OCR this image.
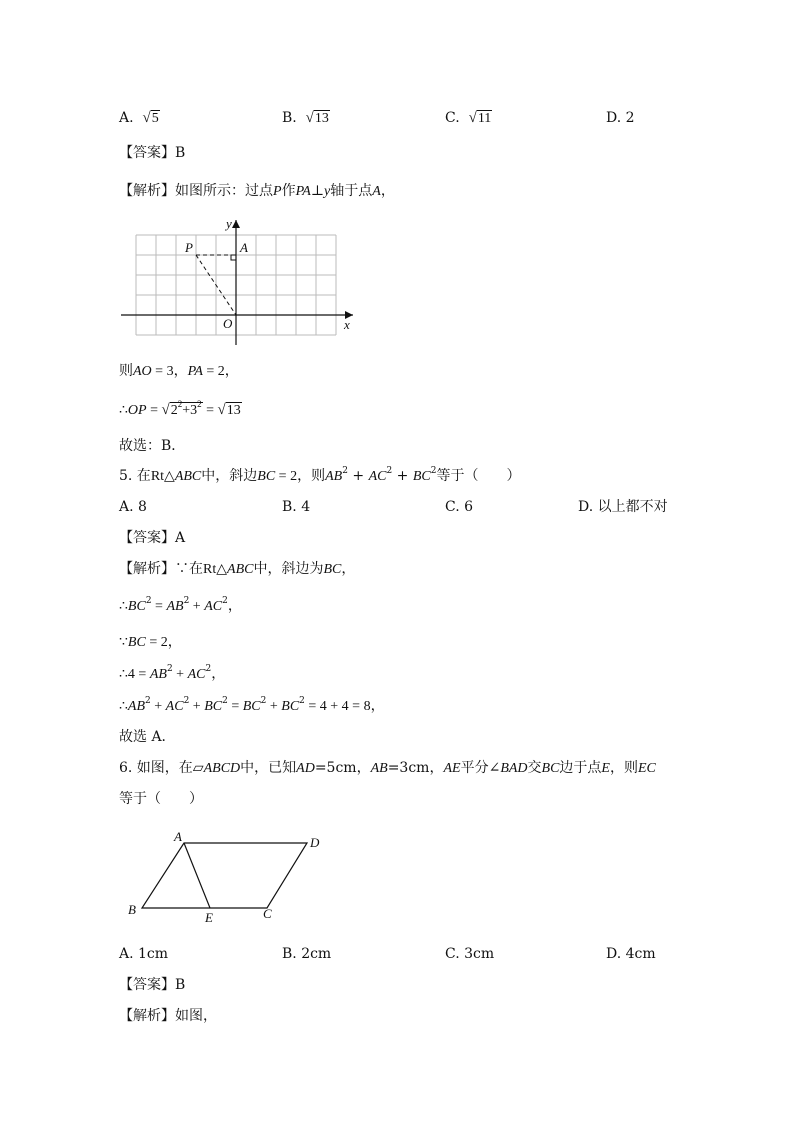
A. √5	B. √13	C. √11	D. 2
【答案】B
【解析】如图所示：过点P作PA⊥y轴于点A，
y
x
P	A
O
则AO = 3，PA = 2，
∴OP = $√2^2+3^2 = √13$
故选：B．
5. 在Rt△ABC中，斜边BC = 2，则$AB^2 + AC^2 + BC^2$等于（　　）
A. 8	B. 4	C. 6	D. 以上都不对
【答案】A
【解析】∵在Rt△ABC中，斜边为BC，
$\therefore BC^2 = AB^2 + AC^2$，
∵BC = 2，
∴4 = $AB^2 + AC^2$，
$\therefore AB^2 + AC^2 + BC^2 = BC^2 + BC^2 = 4 + 4 = 8$，
故选 A．
6. 如图，在▱ABCD中，已知AD=5cm，AB=3cm，AE平分∠BAD交BC边于点E，则EC
等于（　　）
A	D
B
E	C
A. 1cm	B. 2cm	C. 3cm	D. 4cm
【答案】B
【解析】如图，
